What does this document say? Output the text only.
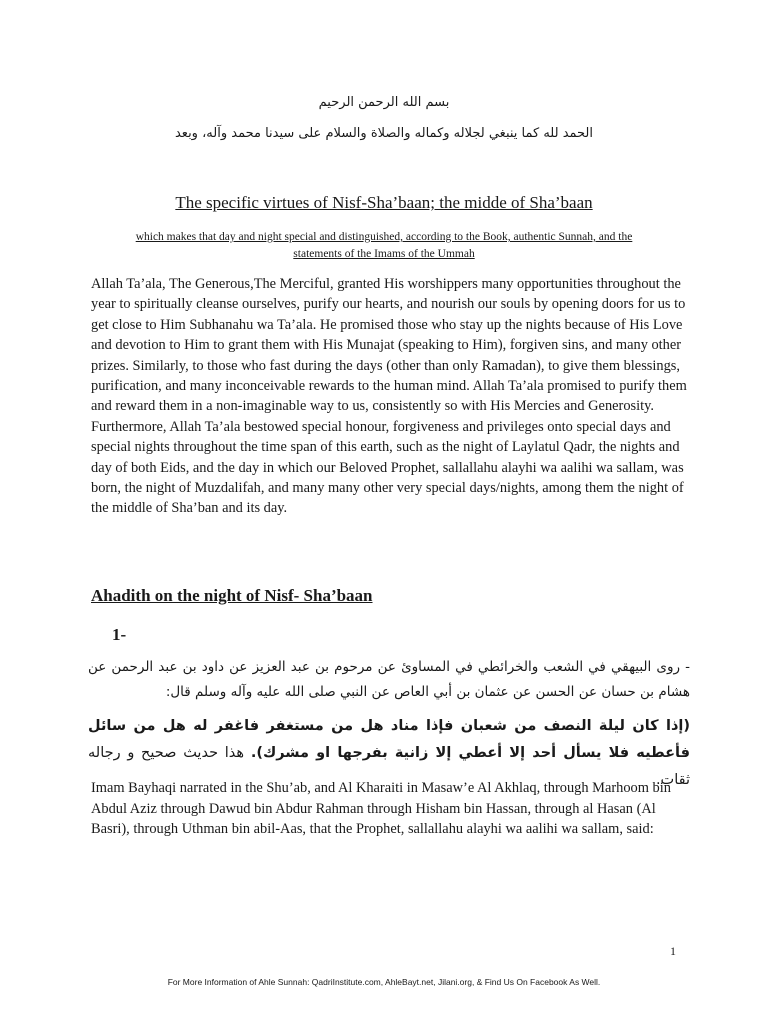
بسم الله الرحمن الرحيم
الحمد لله كما ينبغي لجلاله وكماله والصلاة والسلام على سيدنا محمد وآله، وبعد
The specific virtues of Nisf-Sha’baan; the midde of Sha’baan
which makes that day and night special and distinguished, according to the Book, authentic Sunnah, and the statements of the Imams of the Ummah

Allah Ta’ala, The Generous,The Merciful, granted His worshippers many opportunities throughout the year to spiritually cleanse ourselves, purify our hearts, and nourish our souls by opening doors for us to get close to Him Subhanahu wa Ta’ala. He promised those who stay up the nights because of His Love and devotion to Him to grant them with His Munajat (speaking to Him), forgiven sins, and many other prizes. Similarly, to those who fast during the days (other than only Ramadan), to give them blessings, purification, and many inconceivable rewards to the human mind. Allah Ta’ala promised to purify them and reward them in a non-imaginable way to us, consistently so with His Mercies and Generosity. Furthermore, Allah Ta’ala bestowed special honour, forgiveness and privileges onto special days and special nights throughout the time span of this earth, such as the night of Laylatul Qadr, the nights and day of both Eids, and the day in which our Beloved Prophet, sallallahu alayhi wa aalihi wa sallam, was born, the night of Muzdalifah, and many many other very special days/nights, among them the night of the middle of Sha’ban and its day.

Ahadith on the night of Nisf- Sha’baan
1-

- روى البيهقي في الشعب والخرائطي في المساوئ عن مرحوم بن عبد العزيز عن داود بن عبد الرحمن عن هشام بن حسان عن الحسن عن عثمان بن أبي العاص عن النبي صلى الله عليه وآله وسلم قال:

(إذا كان ليلة النصف من شعبان فإذا مناد هل من مستغفر فاغفر له هل من سائل فأعطيه فلا يسأل أحد إلا أعطي إلا زانية بفرجها او مشرك). هذا حديث صحيح و رجاله ثقات.

Imam Bayhaqi narrated in the Shu’ab, and Al Kharaiti in Masaw’e Al Akhlaq, through Marhoom bin Abdul Aziz through Dawud bin Abdur Rahman through Hisham bin Hassan, through al Hasan (Al Basri), through Uthman bin abil-Aas, that the Prophet, sallallahu alayhi wa aalihi wa sallam, said:

1
For More Information of Ahle Sunnah: QadriInstitute.com, AhleBayt.net, Jilani.org, & Find Us On Facebook As Well.
